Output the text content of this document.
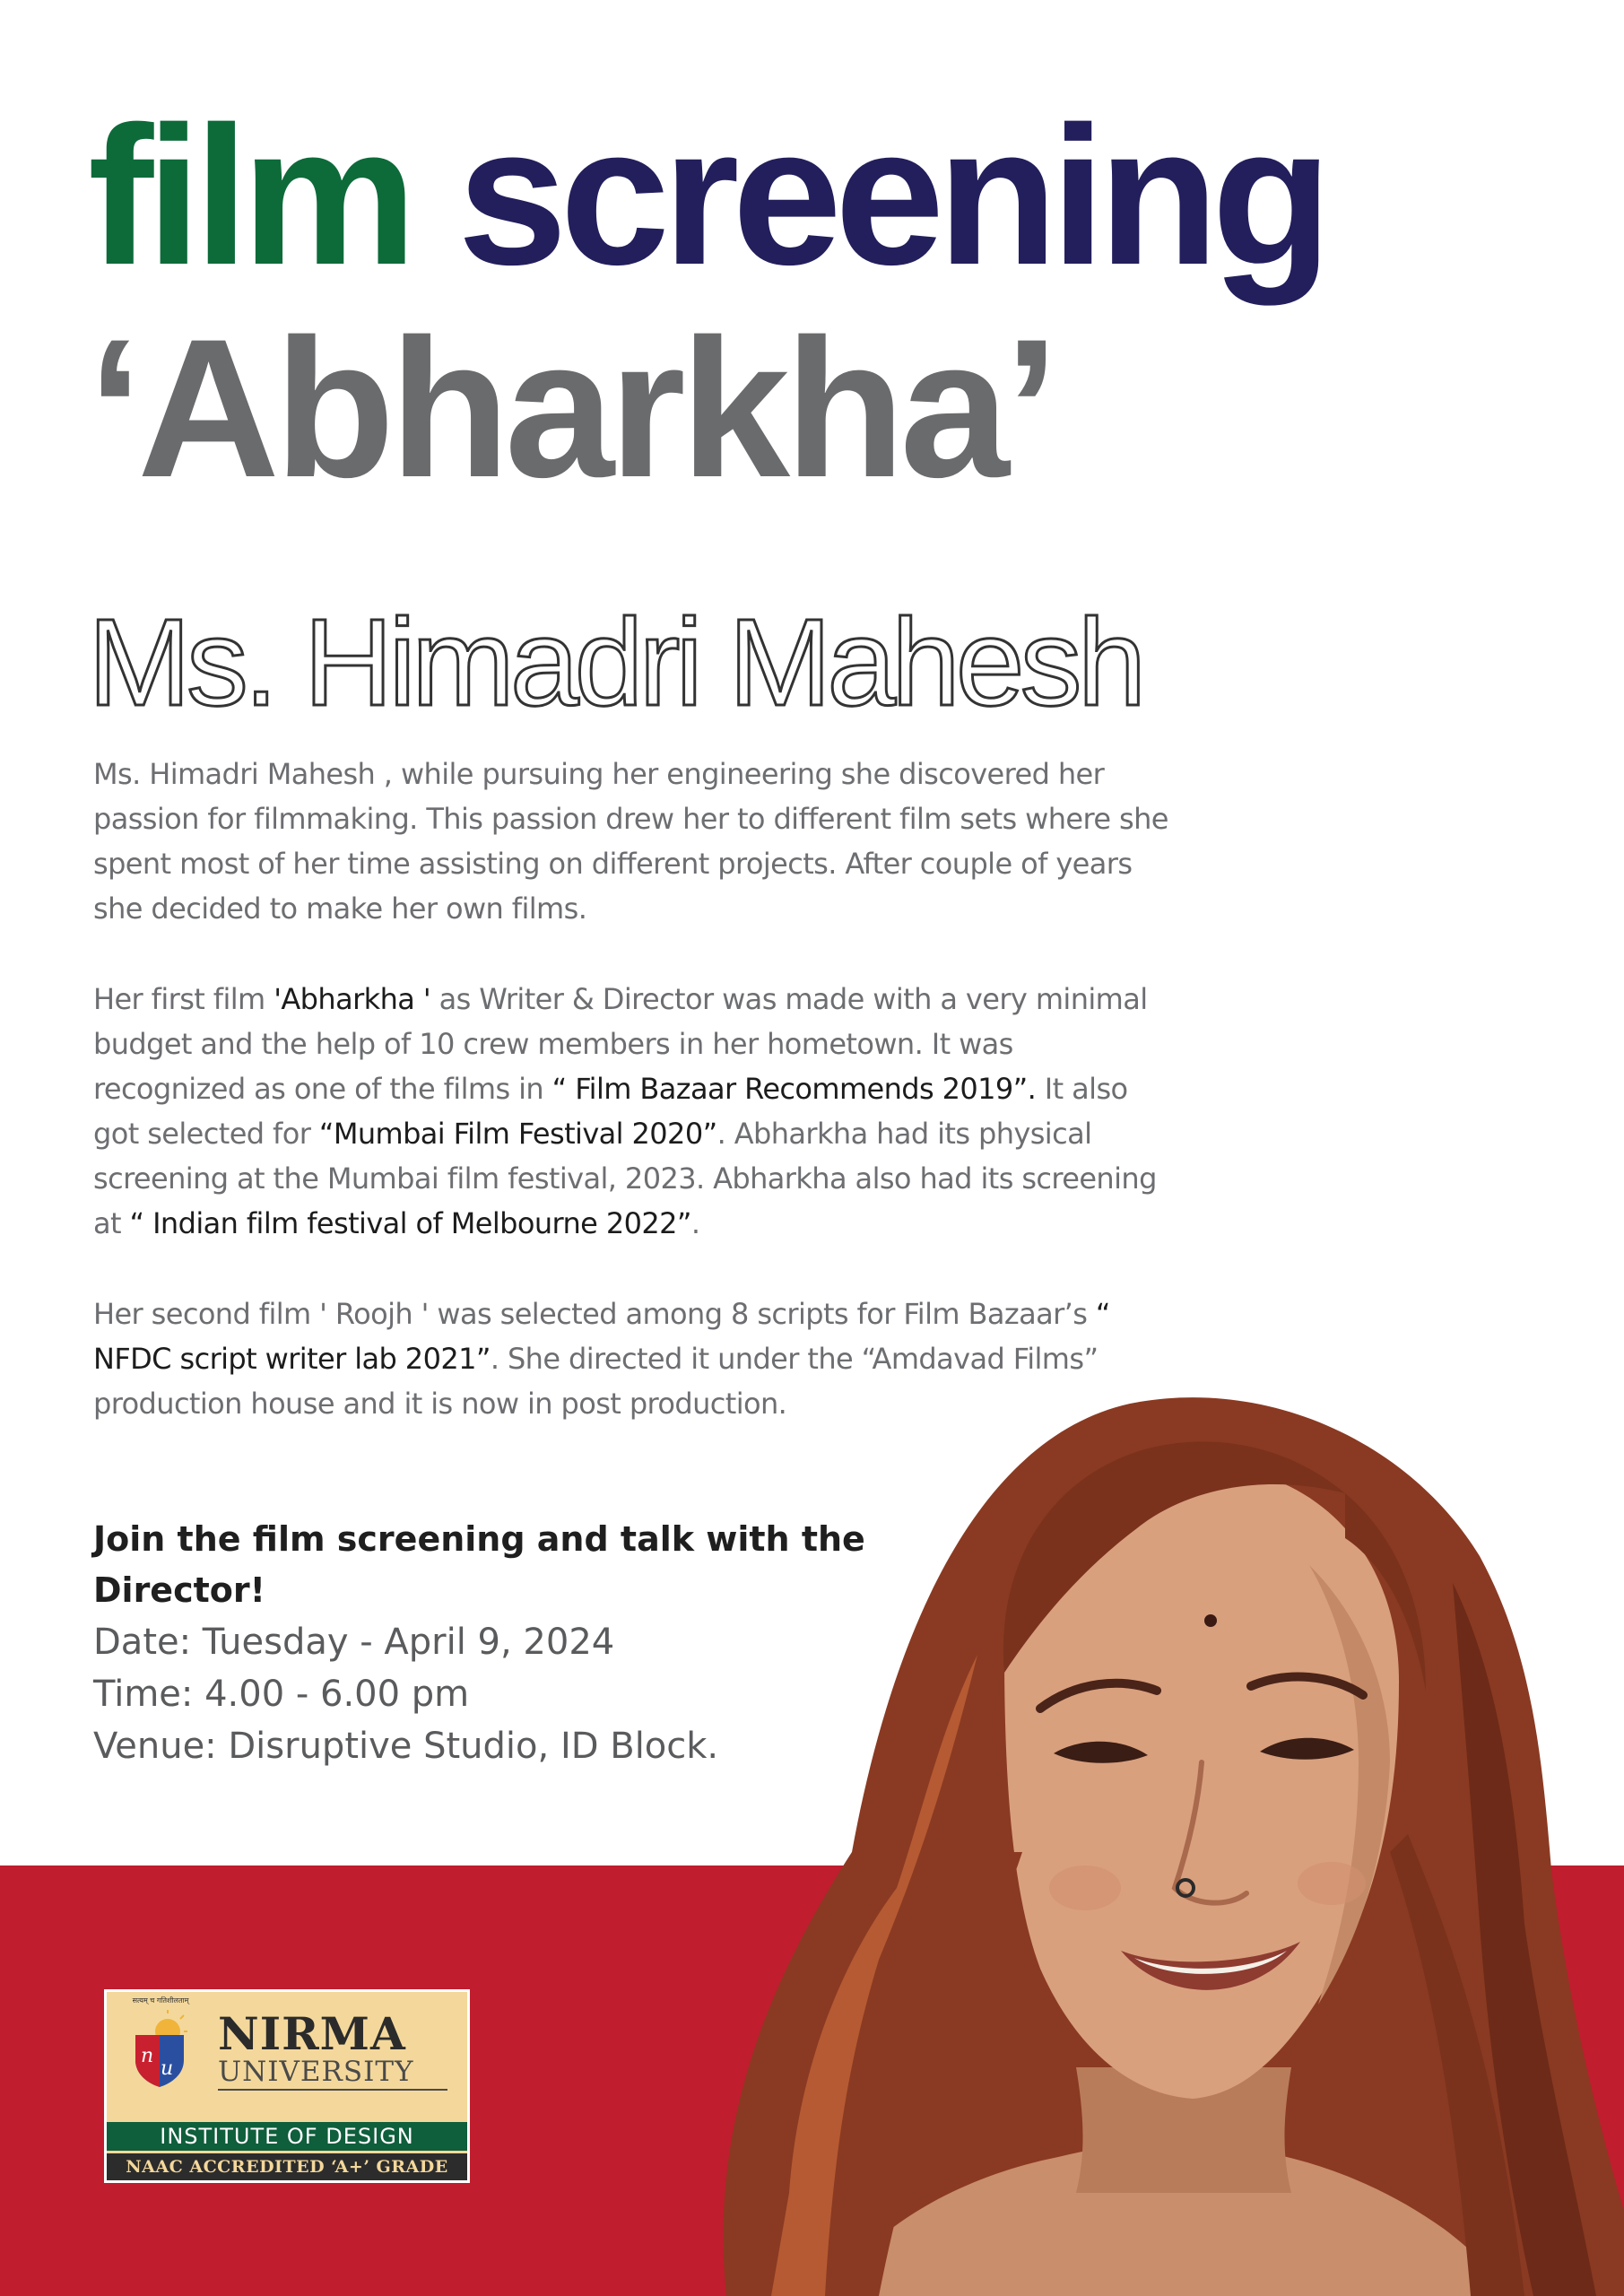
film screening
‘Abharkha’
Ms. Himadri Mahesh

Ms. Himadri Mahesh , while pursuing her engineering she discovered her passion for filmmaking. This passion drew her to different film sets where she spent most of her time assisting on different projects. After couple of years she decided to make her own films.

Her first film 'Abharkha ' as Writer & Director was made with a very minimal budget and the help of 10 crew members in her hometown. It was recognized as one of the films in “ Film Bazaar Recommends 2019”. It also got selected for “Mumbai Film Festival 2020”. Abharkha had its physical screening at the Mumbai film festival, 2023. Abharkha also had its screening at “ Indian film festival of Melbourne 2022”.

Her second film ' Roojh ' was selected among 8 scripts for Film Bazaar’s “ NFDC script writer lab 2021”. She directed it under the “Amdavad Films” production house and it is now in post production.

Join the film screening and talk with the Director!

Date: Tuesday - April 9, 2024
Time: 4.00 - 6.00 pm
Venue: Disruptive Studio, ID Block.
सत्यम् च गतिशीलताम्
n
u
NIRMA
UNIVERSITY
INSTITUTE OF DESIGN
NAAC ACCREDITED ‘A+’ GRADE
